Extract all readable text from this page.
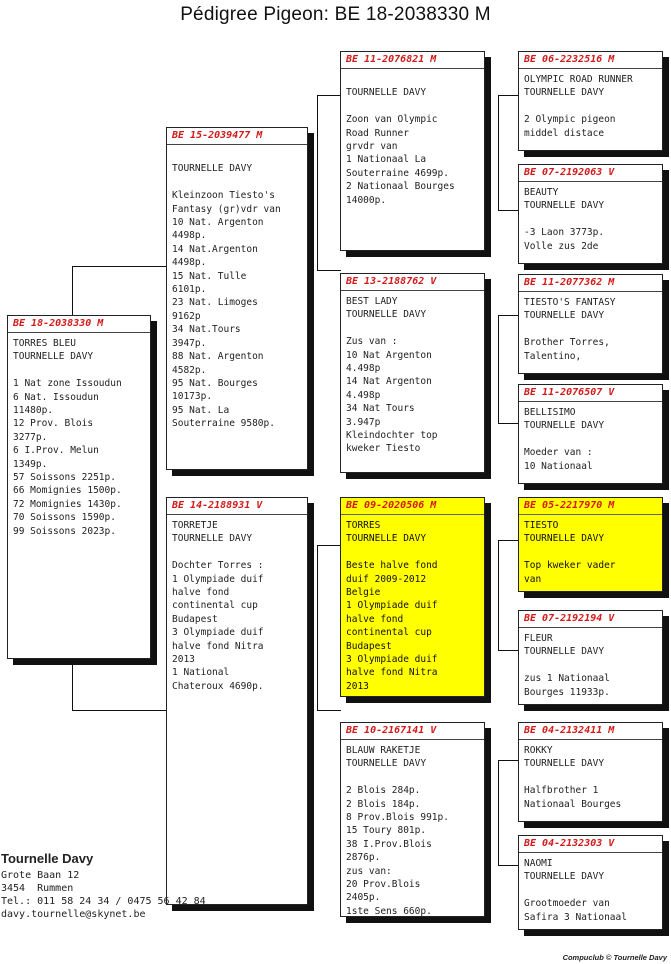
Pédigree Pigeon: BE 18-2038330 M
BE 18-2038330 M
TORRES BLEU
TOURNELLE DAVY

1 Nat zone Issoudun
6 Nat. Issoudun
11480p.
12 Prov. Blois
3277p.
6 I.Prov. Melun
1349p.
57 Soissons 2251p.
66 Momignies 1500p.
72 Momignies 1430p.
70 Soissons 1590p.
99 Soissons 2023p.
BE 15-2039477 M

TOURNELLE DAVY

Kleinzoon Tiesto's
Fantasy (gr)vdr van
10 Nat. Argenton
4498p.
14 Nat.Argenton
4498p.
15 Nat. Tulle
6101p.
23 Nat. Limoges
9162p
34 Nat.Tours
3947p.
88 Nat. Argenton
4582p.
95 Nat. Bourges
10173p.
95 Nat. La
Souterraine 9580p.
BE 14-2188931 V
TORRETJE
TOURNELLE DAVY

Dochter Torres :
1 Olympiade duif
halve fond
continental cup
Budapest
3 Olympiade duif
halve fond Nitra
2013
1 National
Chateroux 4690p.
BE 11-2076821 M

TOURNELLE DAVY

Zoon van Olympic
Road Runner
grvdr van
1 Nationaal La
Souterraine 4699p.
2 Nationaal Bourges
14000p.
BE 13-2188762 V
BEST LADY
TOURNELLE DAVY

Zus van :
10 Nat Argenton
4.498p
14 Nat Argenton
4.498p
34 Nat Tours
3.947p
Kleindochter top
kweker Tiesto
BE 09-2020506 M
TORRES
TOURNELLE DAVY

Beste halve fond
duif 2009-2012
Belgie
1 Olympiade duif
halve fond
continental cup
Budapest
3 Olympiade duif
halve fond Nitra
2013
BE 10-2167141 V
BLAUW RAKETJE
TOURNELLE DAVY

2 Blois 284p.
2 Blois 184p.
8 Prov.Blois 991p.
15 Toury 801p.
38 I.Prov.Blois
2876p.
zus van:
20 Prov.Blois
2405p.
1ste Sens 660p.
BE 06-2232516 M
OLYMPIC ROAD RUNNER
TOURNELLE DAVY

2 Olympic pigeon
middel distace
BE 07-2192063 V
BEAUTY
TOURNELLE DAVY

-3 Laon 3773p.
Volle zus 2de
BE 11-2077362 M
TIESTO'S FANTASY
TOURNELLE DAVY

Brother Torres,
Talentino,
BE 11-2076507 V
BELLISIMO
TOURNELLE DAVY

Moeder van :
10 Nationaal
BE 05-2217970 M
TIESTO
TOURNELLE DAVY

Top kweker vader
van
BE 07-2192194 V
FLEUR
TOURNELLE DAVY

zus 1 Nationaal
Bourges 11933p.
BE 04-2132411 M
ROKKY
TOURNELLE DAVY

Halfbrother 1
Nationaal Bourges
BE 04-2132303 V
NAOMI
TOURNELLE DAVY

Grootmoeder van
Safira 3 Nationaal
Tournelle Davy
Grote Baan 12
3454  Rummen
Tel.: 011 58 24 34 / 0475 56 42 84
davy.tournelle@skynet.be
Compuclub © Tournelle Davy
